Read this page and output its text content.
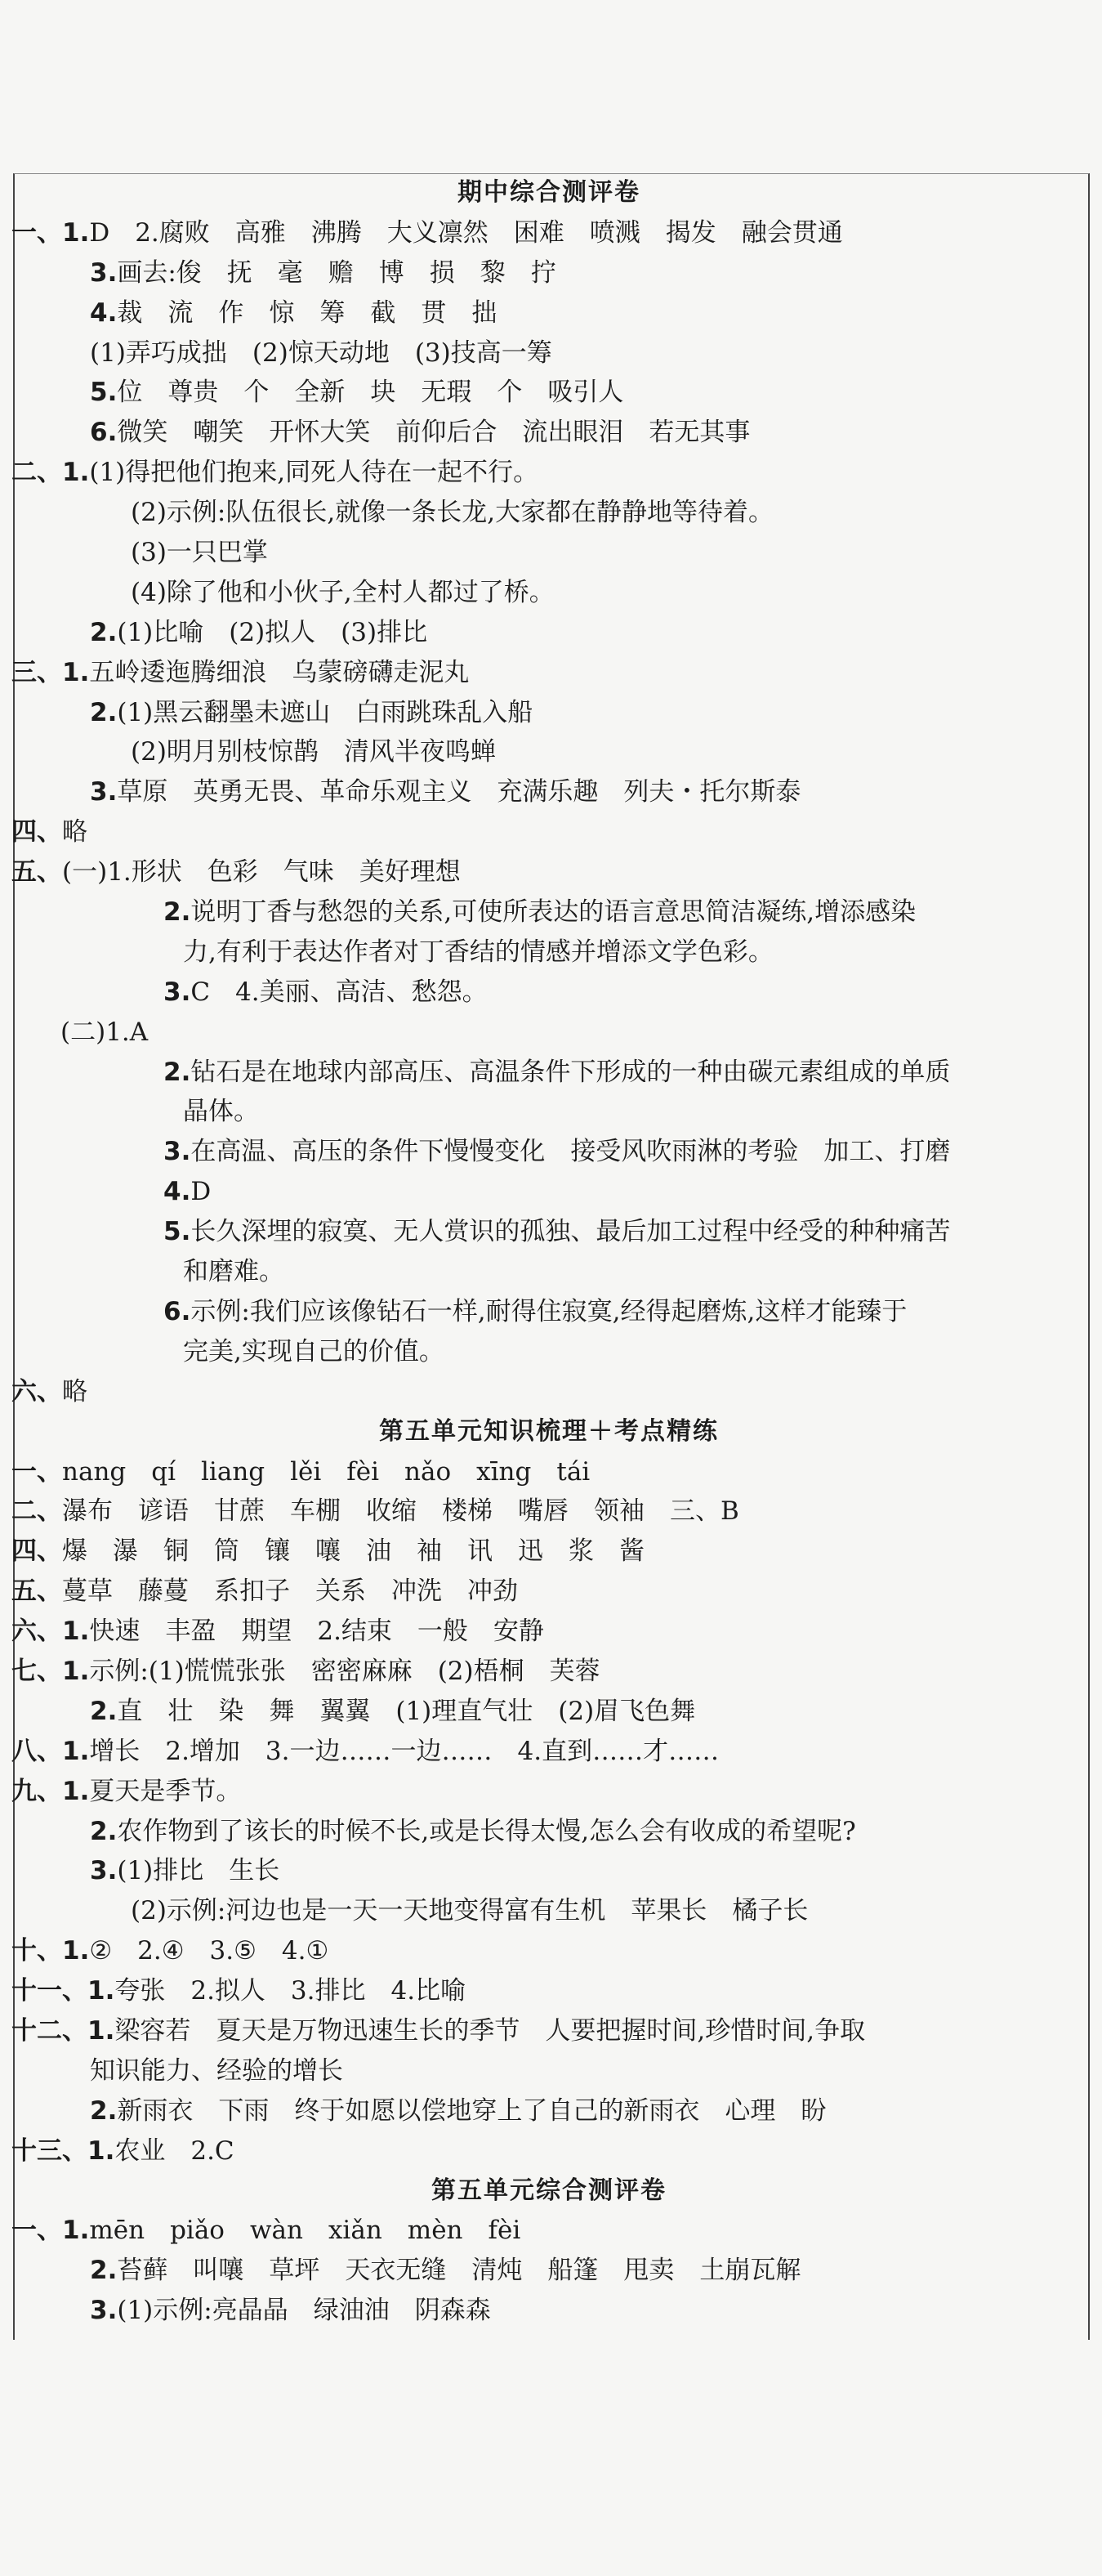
期中综合测评卷
一、1.D　2.腐败　高雅　沸腾　大义凛然　困难　喷溅　揭发　融会贯通
3.画去:俊　抚　毫　赡　博　损　黎　拧
4.裁　流　作　惊　筹　截　贯　拙
(1)弄巧成拙　(2)惊天动地　(3)技高一筹
5.位　尊贵　个　全新　块　无瑕　个　吸引人
6.微笑　嘲笑　开怀大笑　前仰后合　流出眼泪　若无其事
二、1.(1)得把他们抱来,同死人待在一起不行。
(2)示例:队伍很长,就像一条长龙,大家都在静静地等待着。
(3)一只巴掌
(4)除了他和小伙子,全村人都过了桥。
2.(1)比喻　(2)拟人　(3)排比
三、1.五岭逶迤腾细浪　乌蒙磅礴走泥丸
2.(1)黑云翻墨未遮山　白雨跳珠乱入船
(2)明月别枝惊鹊　清风半夜鸣蝉
3.草原　英勇无畏、革命乐观主义　充满乐趣　列夫・托尔斯泰
四、略
五、(一)1.形状　色彩　气味　美好理想
2.说明丁香与愁怨的关系,可使所表达的语言意思简洁凝练,增添感染
力,有利于表达作者对丁香结的情感并增添文学色彩。
3.C　4.美丽、高洁、愁怨。
(二)1.A
2.钻石是在地球内部高压、高温条件下形成的一种由碳元素组成的单质
晶体。
3.在高温、高压的条件下慢慢变化　接受风吹雨淋的考验　加工、打磨
4.D
5.长久深埋的寂寞、无人赏识的孤独、最后加工过程中经受的种种痛苦
和磨难。
6.示例:我们应该像钻石一样,耐得住寂寞,经得起磨炼,这样才能臻于
完美,实现自己的价值。
六、略
第五单元知识梳理＋考点精练
一、nang　qí　liang　lěi　fèi　nǎo　xīng　tái
二、瀑布　谚语　甘蔗　车棚　收缩　楼梯　嘴唇　领袖　三、B
四、爆　瀑　铜　筒　镶　嚷　油　袖　讯　迅　浆　酱
五、蔓草　藤蔓　系扣子　关系　冲洗　冲劲
六、1.快速　丰盈　期望　2.结束　一般　安静
七、1.示例:(1)慌慌张张　密密麻麻　(2)梧桐　芙蓉
2.直　壮　染　舞　翼翼　(1)理直气壮　(2)眉飞色舞
八、1.增长　2.增加　3.一边……一边……　4.直到……才……
九、1.夏天是季节。
2.农作物到了该长的时候不长,或是长得太慢,怎么会有收成的希望呢?
3.(1)排比　生长
(2)示例:河边也是一天一天地变得富有生机　苹果长　橘子长
十、1.②　2.④　3.⑤　4.①
十一、1.夸张　2.拟人　3.排比　4.比喻
十二、1.梁容若　夏天是万物迅速生长的季节　人要把握时间,珍惜时间,争取
知识能力、经验的增长
2.新雨衣　下雨　终于如愿以偿地穿上了自己的新雨衣　心理　盼
十三、1.农业　2.C
第五单元综合测评卷
一、1.mēn　piǎo　wàn　xiǎn　mèn　fèi
2.苔藓　叫嚷　草坪　天衣无缝　清炖　船篷　甩卖　土崩瓦解
3.(1)示例:亮晶晶　绿油油　阴森森
